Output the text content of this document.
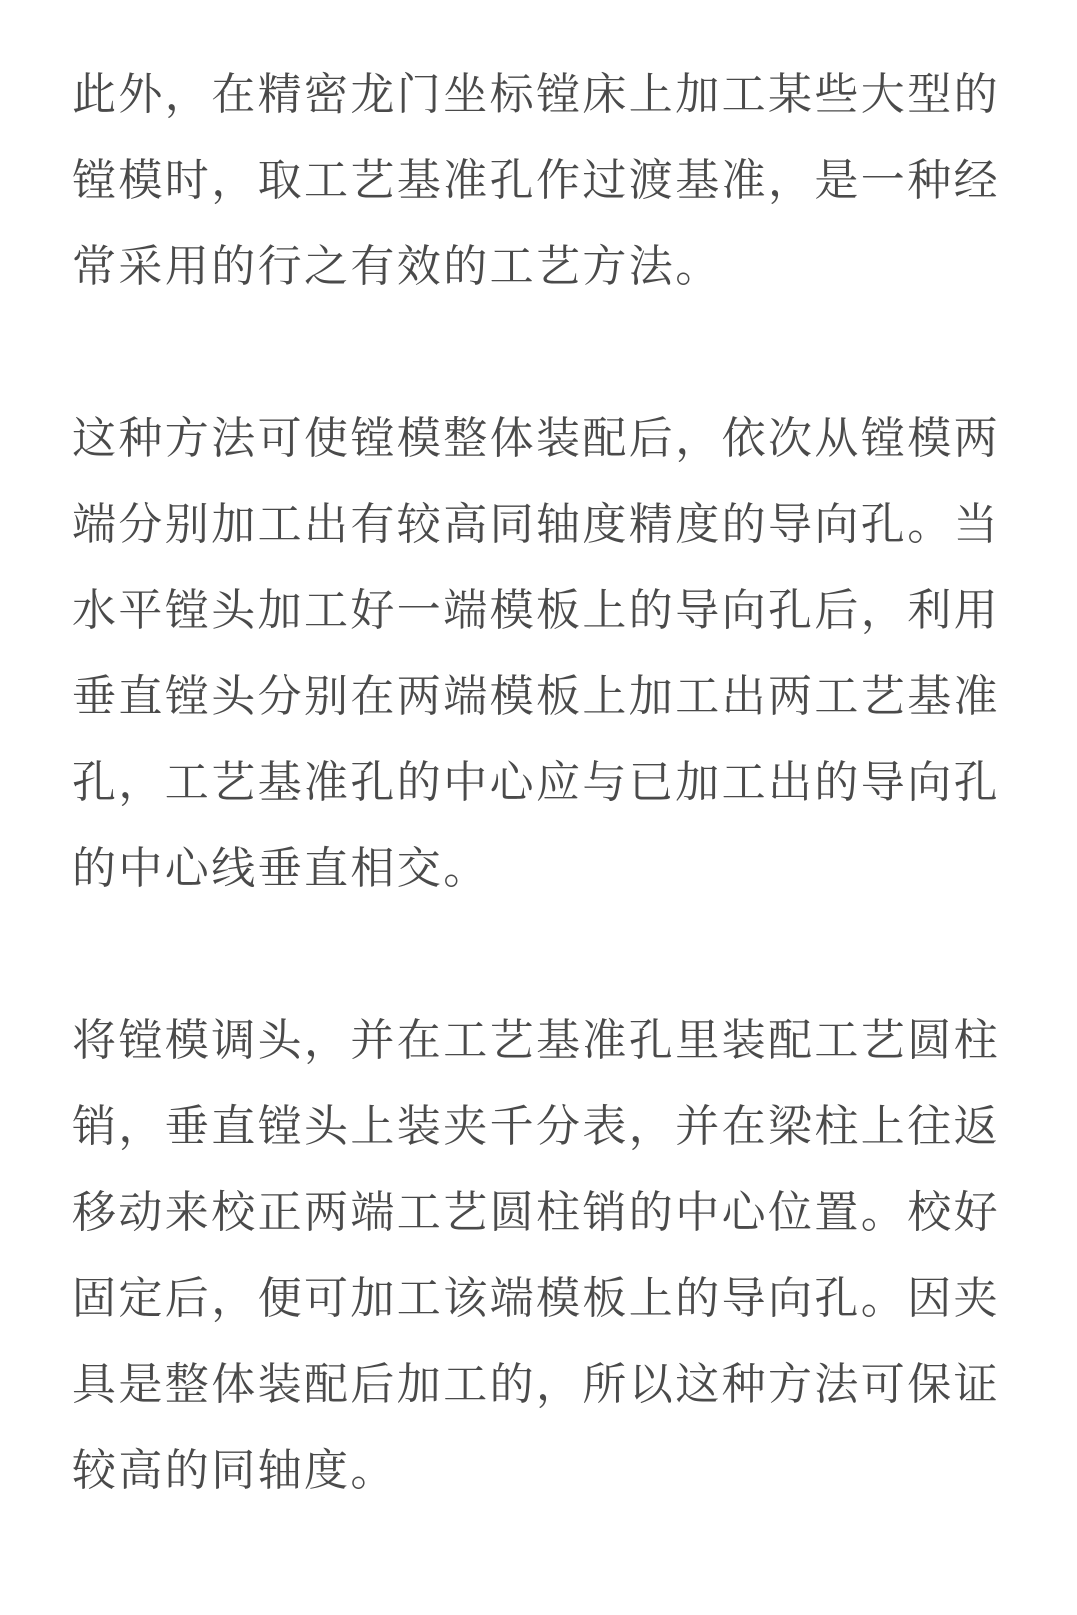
此外，在精密龙门坐标镗床上加工某些大型的
镗模时，取工艺基准孔作过渡基准，是一种经
常采用的行之有效的工艺方法。

这种方法可使镗模整体装配后，依次从镗模两
端分别加工出有较高同轴度精度的导向孔。当
水平镗头加工好一端模板上的导向孔后，利用
垂直镗头分别在两端模板上加工出两工艺基准
孔，工艺基准孔的中心应与已加工出的导向孔
的中心线垂直相交。

将镗模调头，并在工艺基准孔里装配工艺圆柱
销，垂直镗头上装夹千分表，并在梁柱上往返
移动来校正两端工艺圆柱销的中心位置。校好
固定后，便可加工该端模板上的导向孔。因夹
具是整体装配后加工的，所以这种方法可保证
较高的同轴度。
